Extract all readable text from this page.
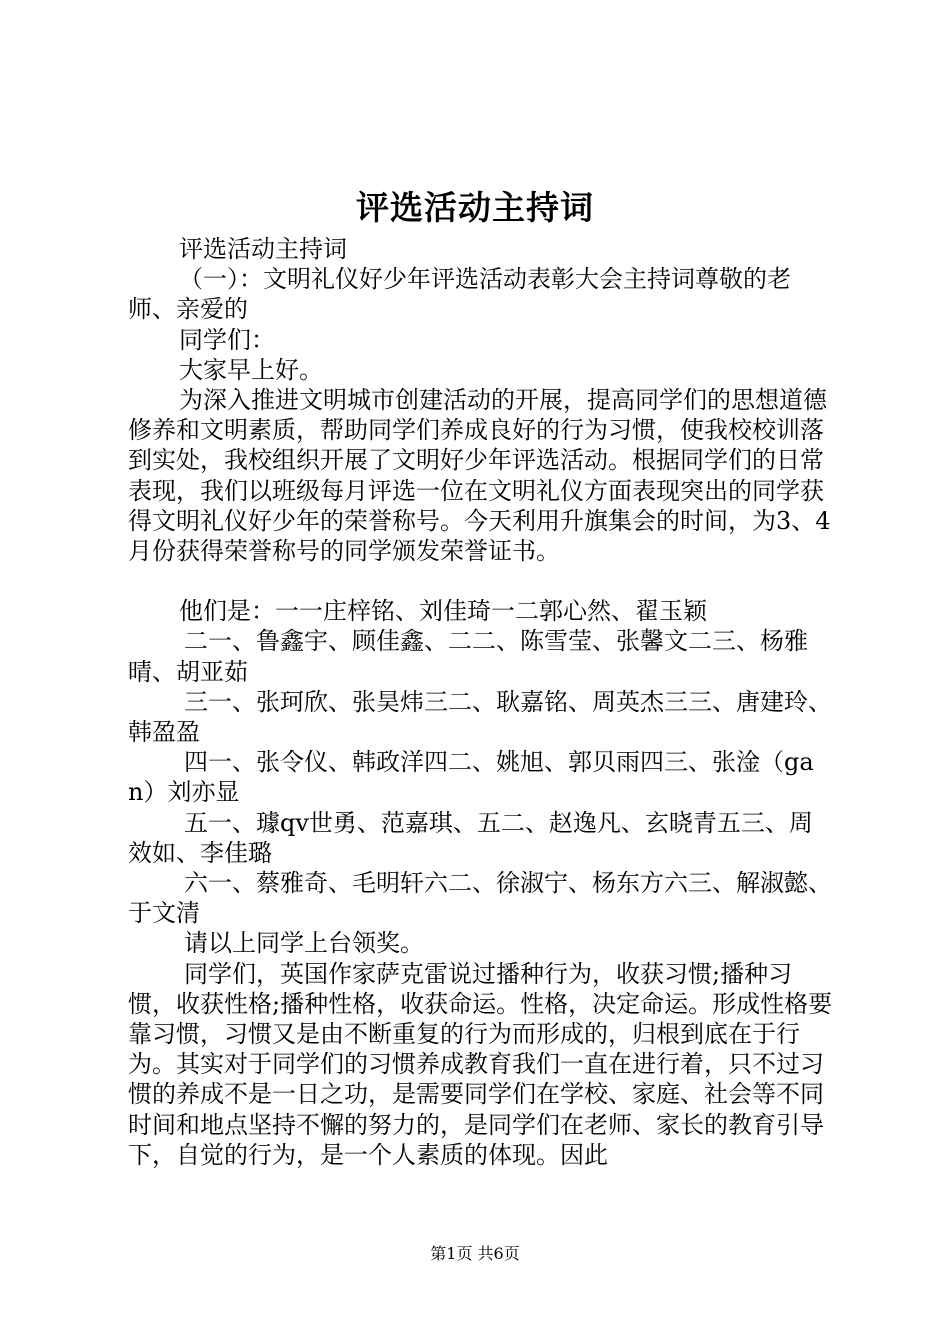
评选活动主持词

评选活动主持词

（一）：文明礼仪好少年评选活动表彰大会主持词尊敬的老师、亲爱的

同学们：

大家早上好。

为深入推进文明城市创建活动的开展，提高同学们的思想道德修养和文明素质，帮助同学们养成良好的行为习惯，使我校校训落到实处，我校组织开展了文明好少年评选活动。根据同学们的日常表现，我们以班级每月评选一位在文明礼仪方面表现突出的同学获得文明礼仪好少年的荣誉称号。今天利用升旗集会的时间，为3、4月份获得荣誉称号的同学颁发荣誉证书。

他们是：一一庄梓铭、刘佳琦一二郭心然、翟玉颖

二一、鲁鑫宇、顾佳鑫、二二、陈雪莹、张馨文二三、杨雅晴、胡亚茹

三一、张珂欣、张昊炜三二、耿嘉铭、周英杰三三、唐建玲、韩盈盈

四一、张令仪、韩政洋四二、姚旭、郭贝雨四三、张淦（gan）刘亦显

五一、璩qv世勇、范嘉琪、五二、赵逸凡、玄晓青五三、周效如、李佳璐

六一、蔡雅奇、毛明轩六二、徐淑宁、杨东方六三、解淑懿、于文清

请以上同学上台领奖。

同学们，英国作家萨克雷说过播种行为，收获习惯;播种习惯，收获性格;播种性格，收获命运。性格，决定命运。形成性格要靠习惯，习惯又是由不断重复的行为而形成的，归根到底在于行为。其实对于同学们的习惯养成教育我们一直在进行着，只不过习惯的养成不是一日之功，是需要同学们在学校、家庭、社会等不同时间和地点坚持不懈的努力的，是同学们在老师、家长的教育引导下，自觉的行为，是一个人素质的体现。因此

第1页 共6页
